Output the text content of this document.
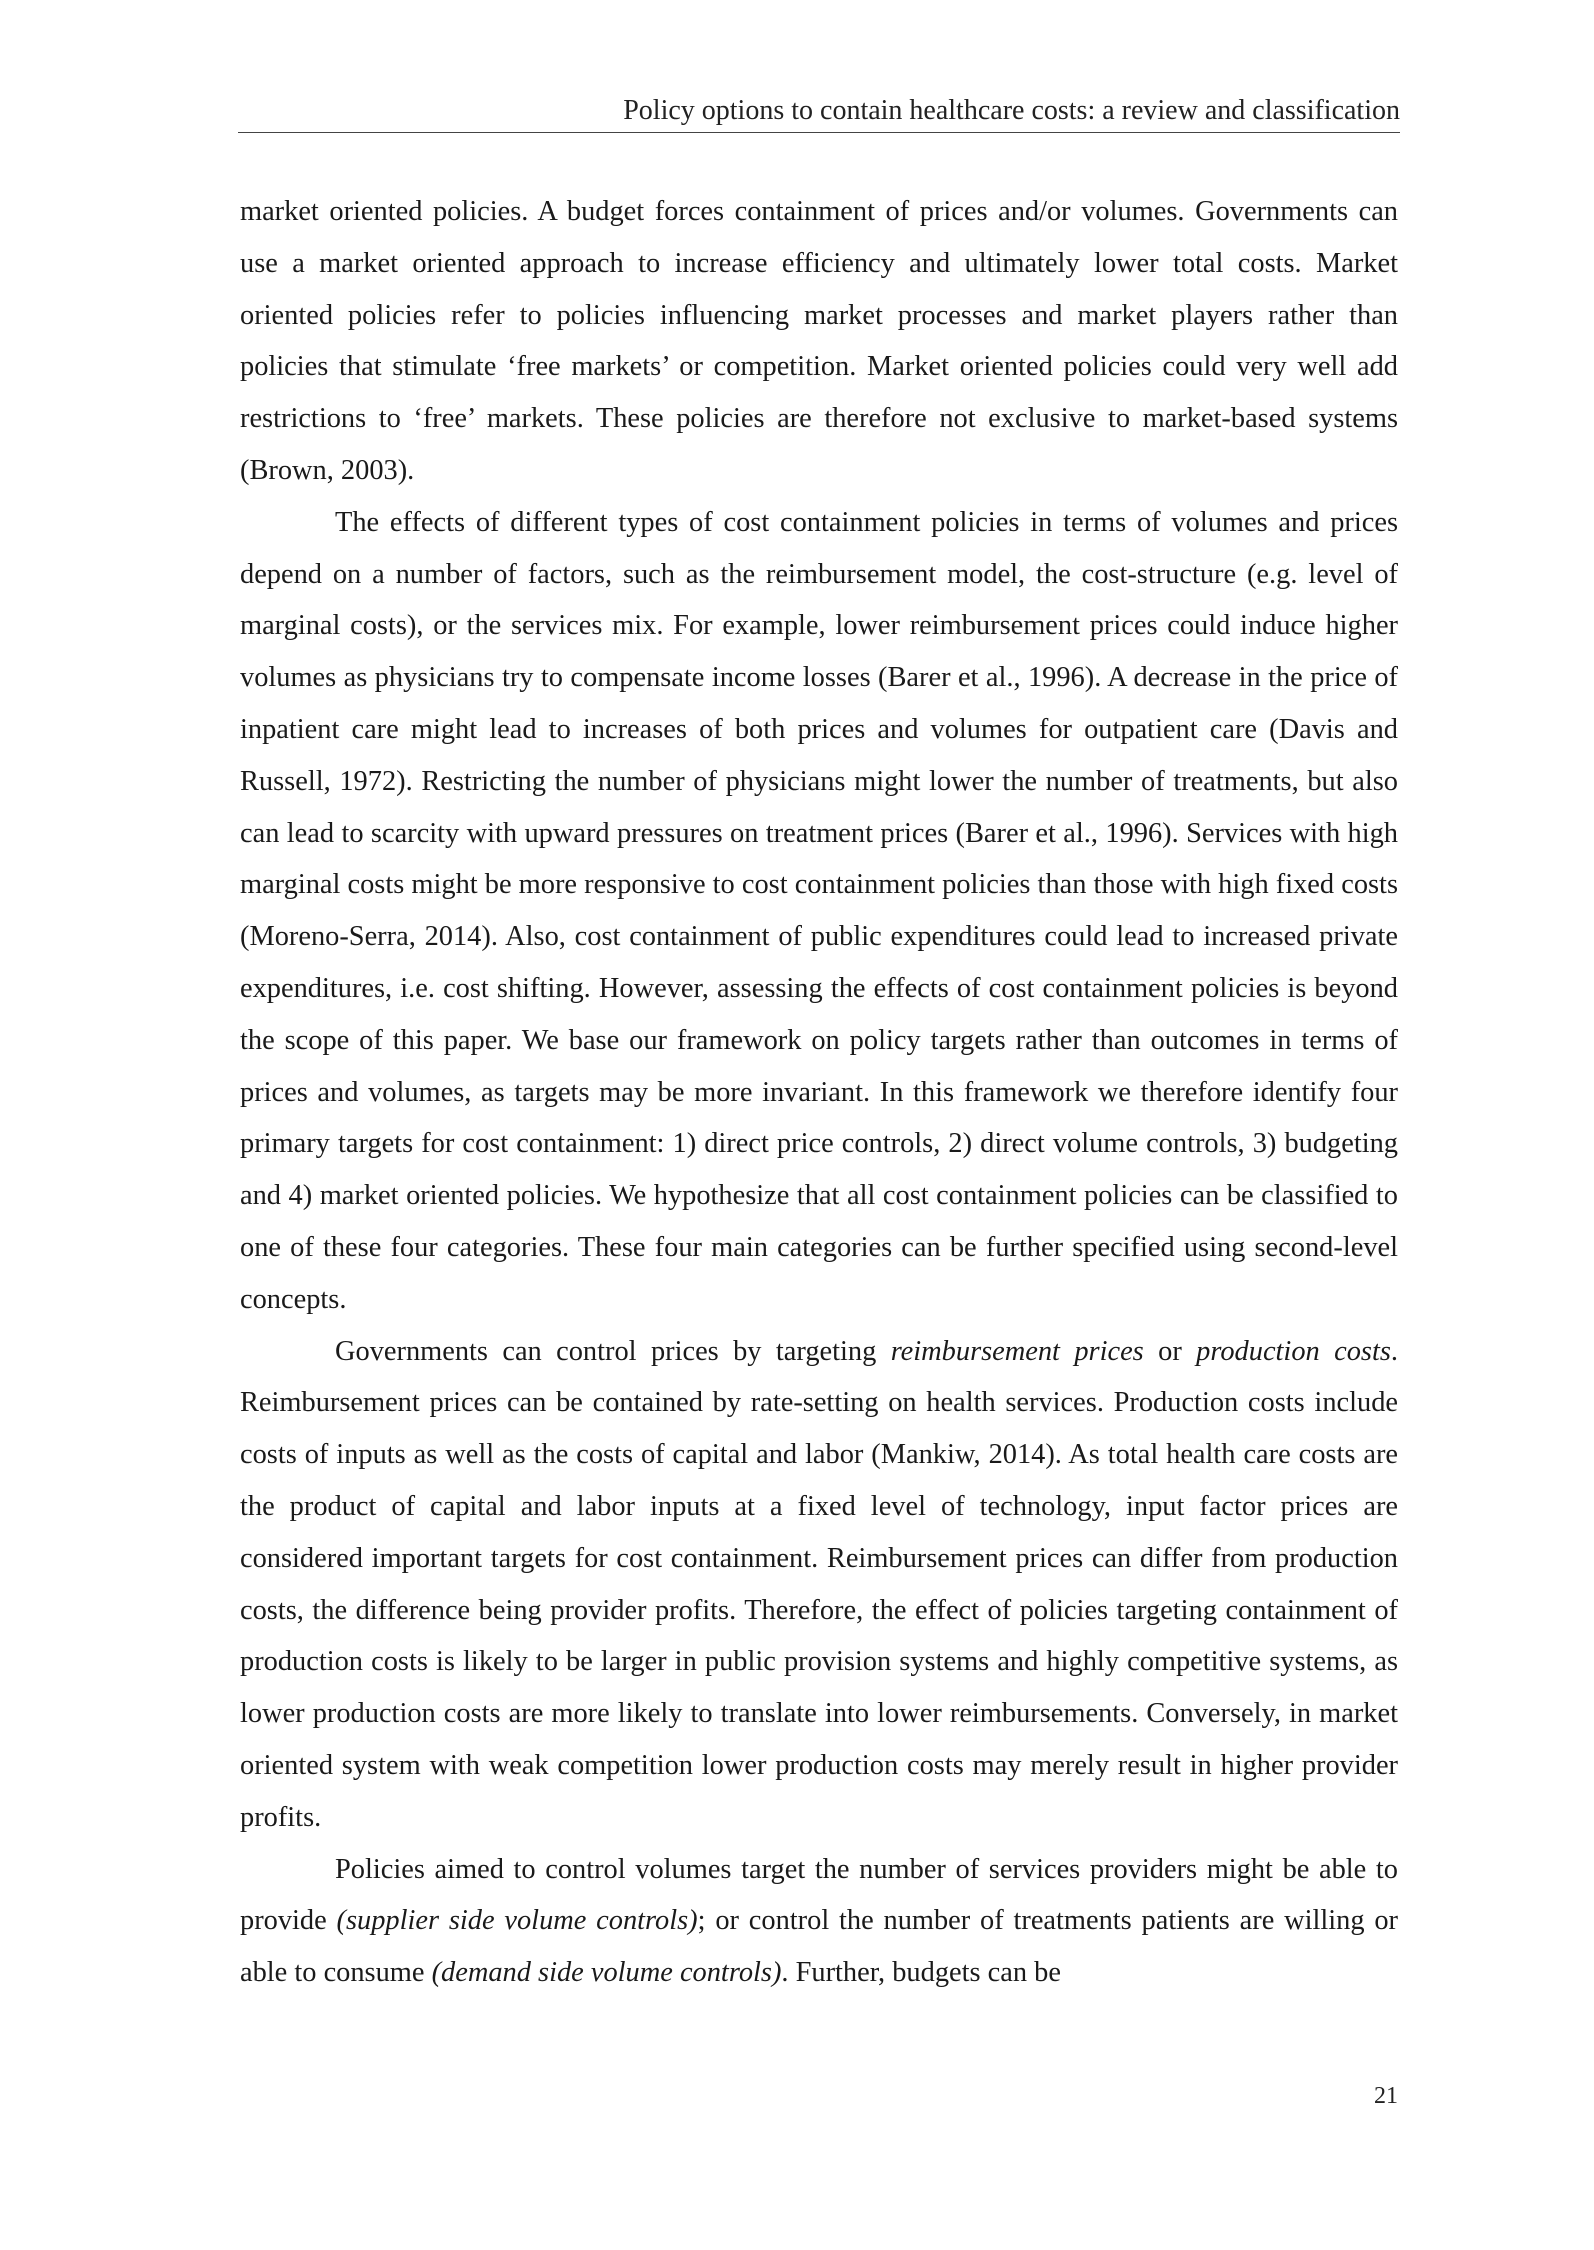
Policy options to contain healthcare costs: a review and classification

market oriented policies. A budget forces containment of prices and/or volumes. Governments can use a market oriented approach to increase efficiency and ultimately lower total costs. Market oriented policies refer to policies influencing market processes and market players rather than policies that stimulate ‘free markets’ or competition. Market oriented policies could very well add restrictions to ‘free’ markets. These policies are therefore not exclusive to market-based systems (Brown, 2003).

The effects of different types of cost containment policies in terms of volumes and prices depend on a number of factors, such as the reimbursement model, the cost-structure (e.g. level of marginal costs), or the services mix. For example, lower reimbursement prices could induce higher volumes as physicians try to compensate income losses (Barer et al., 1996). A decrease in the price of inpatient care might lead to increases of both prices and volumes for outpatient care (Davis and Russell, 1972). Restricting the number of physicians might lower the number of treatments, but also can lead to scarcity with upward pressures on treatment prices (Barer et al., 1996). Services with high marginal costs might be more responsive to cost containment policies than those with high fixed costs (Moreno-Serra, 2014). Also, cost containment of public expenditures could lead to increased private expenditures, i.e. cost shifting. However, assessing the effects of cost containment policies is beyond the scope of this paper. We base our framework on policy targets rather than outcomes in terms of prices and volumes, as targets may be more invariant. In this framework we therefore identify four primary targets for cost containment: 1) direct price controls, 2) direct volume controls, 3) budgeting and 4) market oriented policies. We hypothesize that all cost containment policies can be classified to one of these four categories. These four main categories can be further specified using second-level concepts.

Governments can control prices by targeting reimbursement prices or production costs. Reimbursement prices can be contained by rate-setting on health services. Production costs include costs of inputs as well as the costs of capital and labor (Mankiw, 2014). As total health care costs are the product of capital and labor inputs at a fixed level of technology, input factor prices are considered important targets for cost containment. Reimbursement prices can differ from production costs, the difference being provider profits. Therefore, the effect of policies targeting containment of production costs is likely to be larger in public provision systems and highly competitive systems, as lower production costs are more likely to translate into lower reimbursements. Conversely, in market oriented system with weak competition lower production costs may merely result in higher provider profits.

Policies aimed to control volumes target the number of services providers might be able to provide (supplier side volume controls); or control the number of treatments patients are willing or able to consume (demand side volume controls). Further, budgets can be

21
